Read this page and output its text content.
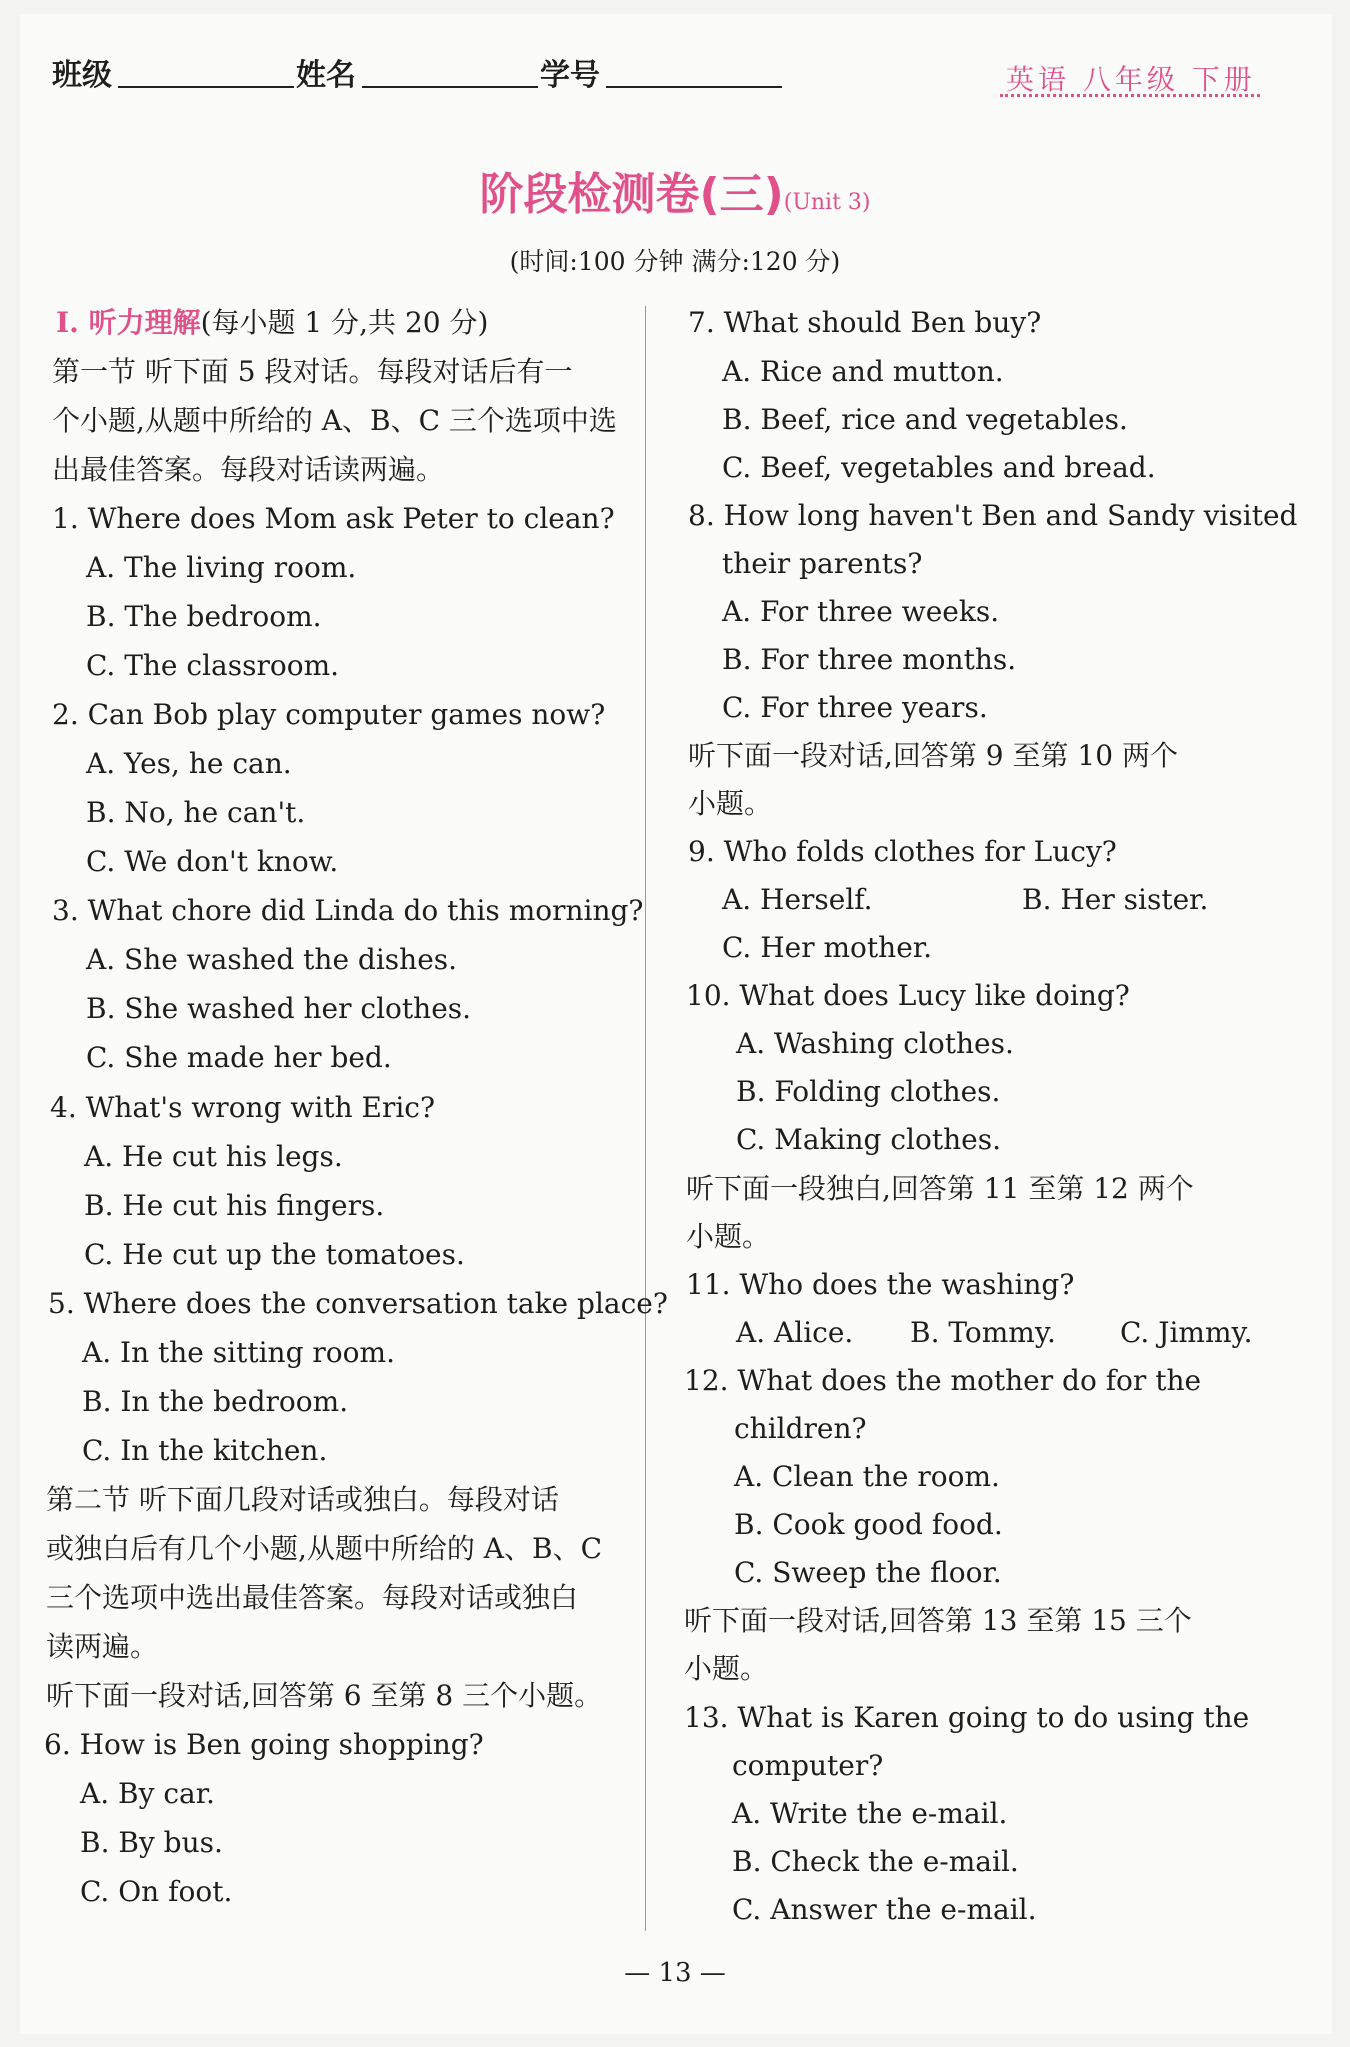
班级	姓名	学号	英语 八年级 下册
阶段检测卷(三)(Unit 3)
(时间:100 分钟 满分:120 分)
Ⅰ. 听力理解(每小题 1 分,共 20 分)
第一节 听下面 5 段对话。每段对话后有一
个小题,从题中所给的 A、B、C 三个选项中选
出最佳答案。每段对话读两遍。
1. Where does Mom ask Peter to clean?
A. The living room.
B. The bedroom.
C. The classroom.
2. Can Bob play computer games now?
A. Yes, he can.
B. No, he can't.
C. We don't know.
3. What chore did Linda do this morning?
A. She washed the dishes.
B. She washed her clothes.
C. She made her bed.
4. What's wrong with Eric?
A. He cut his legs.
B. He cut his fingers.
C. He cut up the tomatoes.
5. Where does the conversation take place?
A. In the sitting room.
B. In the bedroom.
C. In the kitchen.
第二节 听下面几段对话或独白。每段对话
或独白后有几个小题,从题中所给的 A、B、C
三个选项中选出最佳答案。每段对话或独白
读两遍。
听下面一段对话,回答第 6 至第 8 三个小题。
6. How is Ben going shopping?
A. By car.
B. By bus.
C. On foot.
7. What should Ben buy?
A. Rice and mutton.
B. Beef, rice and vegetables.
C. Beef, vegetables and bread.
8. How long haven't Ben and Sandy visited
their parents?
A. For three weeks.
B. For three months.
C. For three years.
听下面一段对话,回答第 9 至第 10 两个
小题。
9. Who folds clothes for Lucy?
A. Herself.	B. Her sister.
C. Her mother.
10. What does Lucy like doing?
A. Washing clothes.
B. Folding clothes.
C. Making clothes.
听下面一段独白,回答第 11 至第 12 两个
小题。
11. Who does the washing?
A. Alice. B. Tommy. C. Jimmy.
12. What does the mother do for the
children?
A. Clean the room.
B. Cook good food.
C. Sweep the floor.
听下面一段对话,回答第 13 至第 15 三个
小题。
13. What is Karen going to do using the
computer?
A. Write the e-mail.
B. Check the e-mail.
C. Answer the e-mail.
— 13 —
